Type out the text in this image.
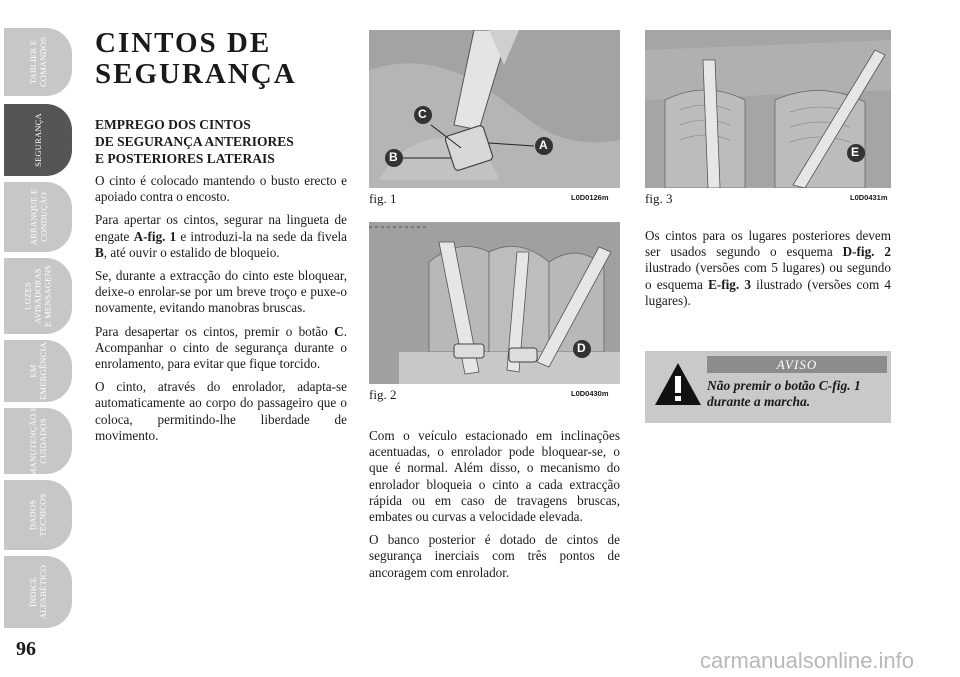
TABLIER E
COMANDOS
SEGURANÇA
ARRANQUE E
CONDUÇÃO
LUZES
AVISADORAS
E MENSAGENS
EM
EMERGÊNCIA
MANUTENÇÃO E
CUIDADOS
DADOS
TÉCNICOS
ÍNDICE
ALFABÉTICO
96
CINTOS DE
SEGURANÇA
EMPREGO DOS CINTOS
DE SEGURANÇA ANTERIORES
E POSTERIORES LATERAIS

O cinto é colocado mantendo o busto erecto e apoiado contra o encosto.

Para apertar os cintos, segurar na lingueta de engate A-fig. 1 e introduzi-la na sede da fivela B, até ouvir o estalido de bloqueio.

Se, durante a extracção do cinto este bloquear, deixe-o enrolar-se por um breve troço e puxe-o novamente, evitando manobras bruscas.

Para desapertar os cintos, premir o botão C. Acompanhar o cinto de segurança durante o enrolamento, para evitar que fique torcido.

O cinto, através do enrolador, adapta-se automaticamente ao corpo do passageiro que o coloca, permitindo-lhe liberdade de movimento.

C
A
B
fig. 1	L0D0126m
D
fig. 2	L0D0430m

Com o veículo estacionado em inclinações acentuadas, o enrolador pode bloquear-se, o que é normal. Além disso, o mecanismo do enrolador bloqueia o cinto a cada extracção rápida ou em caso de travagens bruscas, embates ou curvas a velocidade elevada.

O banco posterior é dotado de cintos de segurança inerciais com três pontos de ancoragem com enrolador.

E
fig. 3	L0D0431m

Os cintos para os lugares posteriores devem ser usados segundo o esquema D-fig. 2 ilustrado (versões com 5 lugares) ou segundo o esquema E-fig. 3 ilustrado (versões com 4 lugares).

AVISO
Não premir o botão C-fig. 1 durante a marcha.
carmanualsonline.info
